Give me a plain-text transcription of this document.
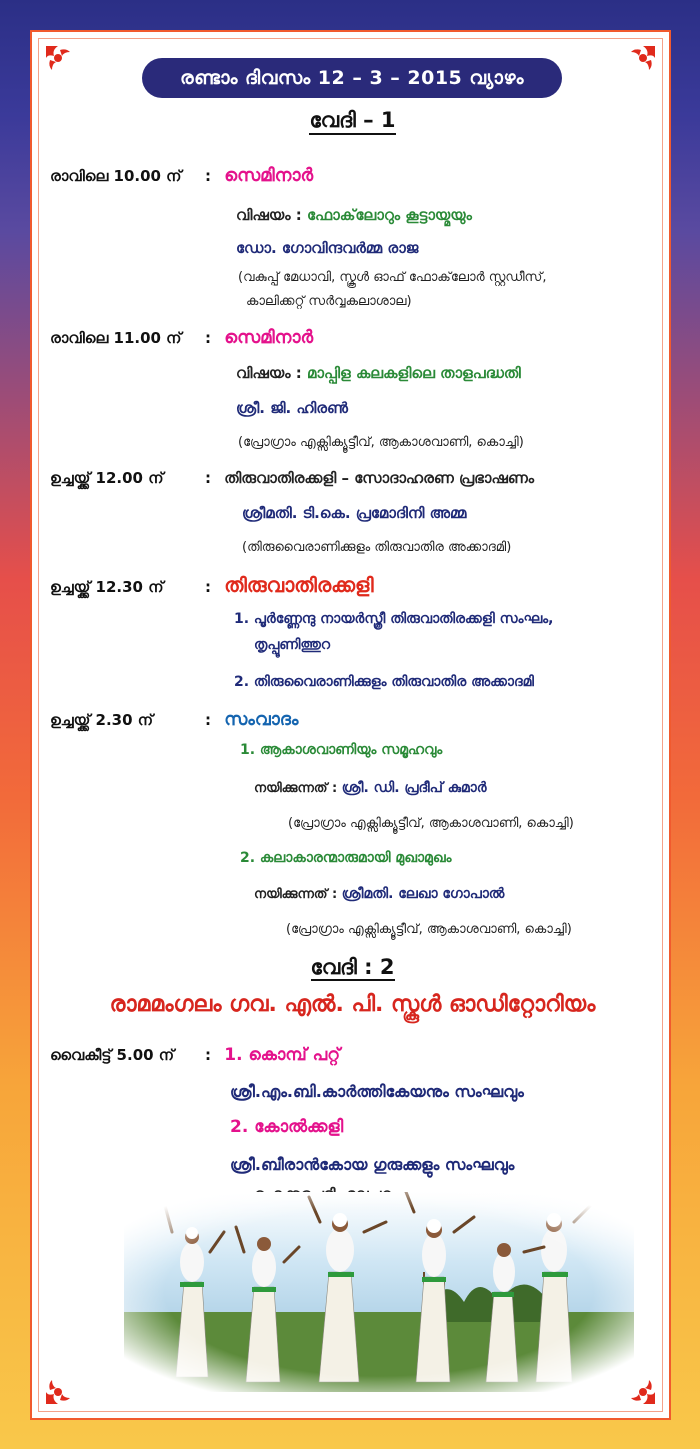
രണ്ടാം ദിവസം 12 – 3 – 2015 വ്യാഴം
വേദി – 1
രാവിലെ 10.00 ന് : സെമിനാർ
വിഷയം : ഫോക്‌ലോറും കൂട്ടായ്മയും
ഡോ. ഗോവിന്ദവർമ്മ രാജ
(വകുപ്പ് മേധാവി, സ്കൂൾ ഓഫ് ഫോക്‌ലോർ സ്റ്റഡീസ്,
കാലിക്കറ്റ് സർവ്വകലാശാല)
രാവിലെ 11.00 ന് : സെമിനാർ
വിഷയം : മാപ്പിള കലകളിലെ താളപദ്ധതി
ശ്രീ. ജി. ഹിരൺ
(പ്രോഗ്രാം എക്സിക്യൂട്ടീവ്, ആകാശവാണി, കൊച്ചി)
ഉച്ചയ്ക്ക് 12.00 ന്	: തിരുവാതിരക്കളി – സോദാഹരണ പ്രഭാഷണം
ശ്രീമതി. ടി.കെ. പ്രമോദിനി അമ്മ
(തിരുവൈരാണിക്കുളം തിരുവാതിര അക്കാദമി)
ഉച്ചയ്ക്ക് 12.30 ന്	: തിരുവാതിരക്കളി
1. പൂർണ്ണേന്ദു നായർസ്ത്രീ തിരുവാതിരക്കളി സംഘം,
തൃപ്പൂണിത്തുറ
2. തിരുവൈരാണിക്കുളം തിരുവാതിര അക്കാദമി
ഉച്ചയ്ക്ക് 2.30 ന്	: സംവാദം
1. ആകാശവാണിയും സമൂഹവും
നയിക്കുന്നത് : ശ്രീ. ഡി. പ്രദീപ് കുമാർ
(പ്രോഗ്രാം എക്സിക്യൂട്ടീവ്, ആകാശവാണി, കൊച്ചി)
2. കലാകാരന്മാരുമായി മുഖാമുഖം
നയിക്കുന്നത് : ശ്രീമതി. ലേഖാ ഗോപാൽ
(പ്രോഗ്രാം എക്സിക്യൂട്ടീവ്, ആകാശവാണി, കൊച്ചി)
വേദി : 2
രാമമംഗലം ഗവ. എൽ. പി. സ്കൂൾ ഓഡിറ്റോറിയം
വൈകീട്ട് 5.00 ന് : 1. കൊമ്പ് പറ്റ്
ശ്രീ.എം.ബി.കാർത്തികേയനും സംഘവും
2. കോൽക്കളി
ശ്രീ.ബീരാൻകോയ ഗുരുക്കളും സംഘവും
